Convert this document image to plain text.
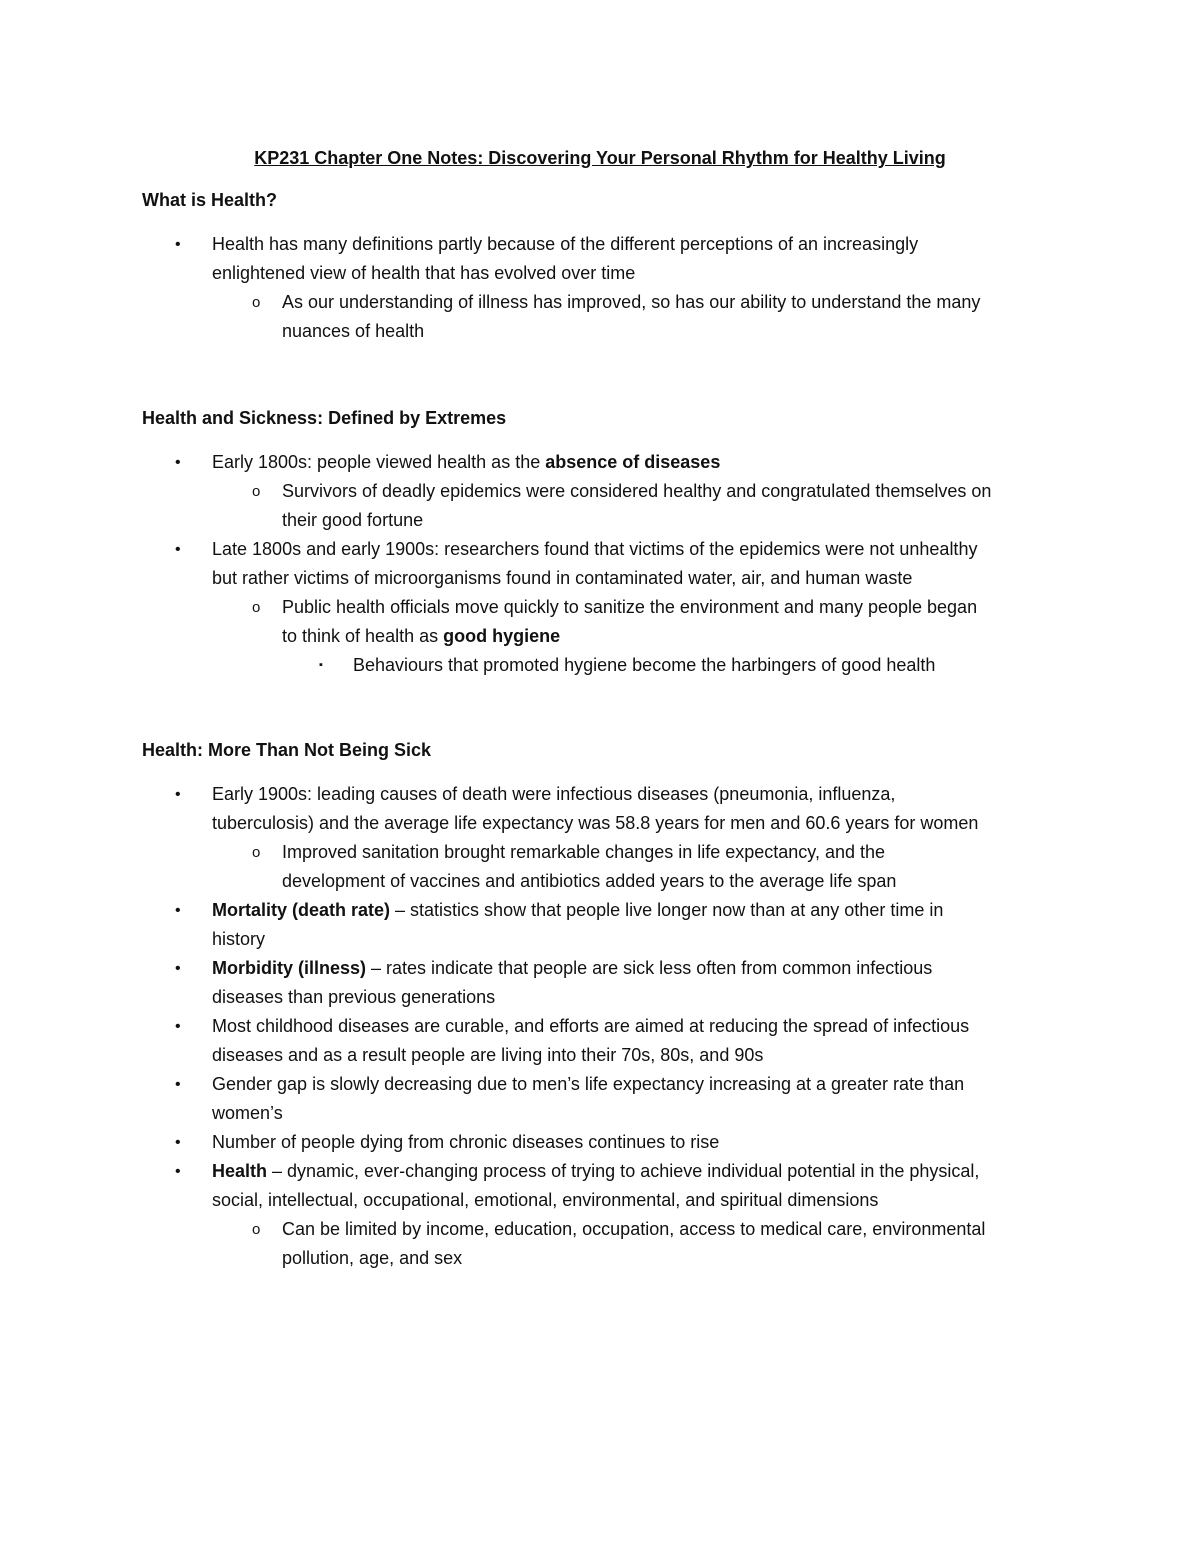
KP231 Chapter One Notes: Discovering Your Personal Rhythm for Healthy Living
What is Health?
• Health has many definitions partly because of the different perceptions of an increasingly
enlightened view of health that has evolved over time
o As our understanding of illness has improved, so has our ability to understand the many
nuances of health
Health and Sickness: Defined by Extremes
• Early 1800s: people viewed health as the absence of diseases
o Survivors of deadly epidemics were considered healthy and congratulated themselves on
their good fortune
• Late 1800s and early 1900s: researchers found that victims of the epidemics were not unhealthy
but rather victims of microorganisms found in contaminated water, air, and human waste
o Public health officials move quickly to sanitize the environment and many people began
to think of health as good hygiene
▪ Behaviours that promoted hygiene become the harbingers of good health
Health: More Than Not Being Sick
• Early 1900s: leading causes of death were infectious diseases (pneumonia, influenza,
tuberculosis) and the average life expectancy was 58.8 years for men and 60.6 years for women
o Improved sanitation brought remarkable changes in life expectancy, and the
development of vaccines and antibiotics added years to the average life span
• Mortality (death rate) – statistics show that people live longer now than at any other time in
history
• Morbidity (illness) – rates indicate that people are sick less often from common infectious
diseases than previous generations
• Most childhood diseases are curable, and efforts are aimed at reducing the spread of infectious
diseases and as a result people are living into their 70s, 80s, and 90s
• Gender gap is slowly decreasing due to men’s life expectancy increasing at a greater rate than
women’s
• Number of people dying from chronic diseases continues to rise
• Health – dynamic, ever-changing process of trying to achieve individual potential in the physical,
social, intellectual, occupational, emotional, environmental, and spiritual dimensions
o Can be limited by income, education, occupation, access to medical care, environmental
pollution, age, and sex
